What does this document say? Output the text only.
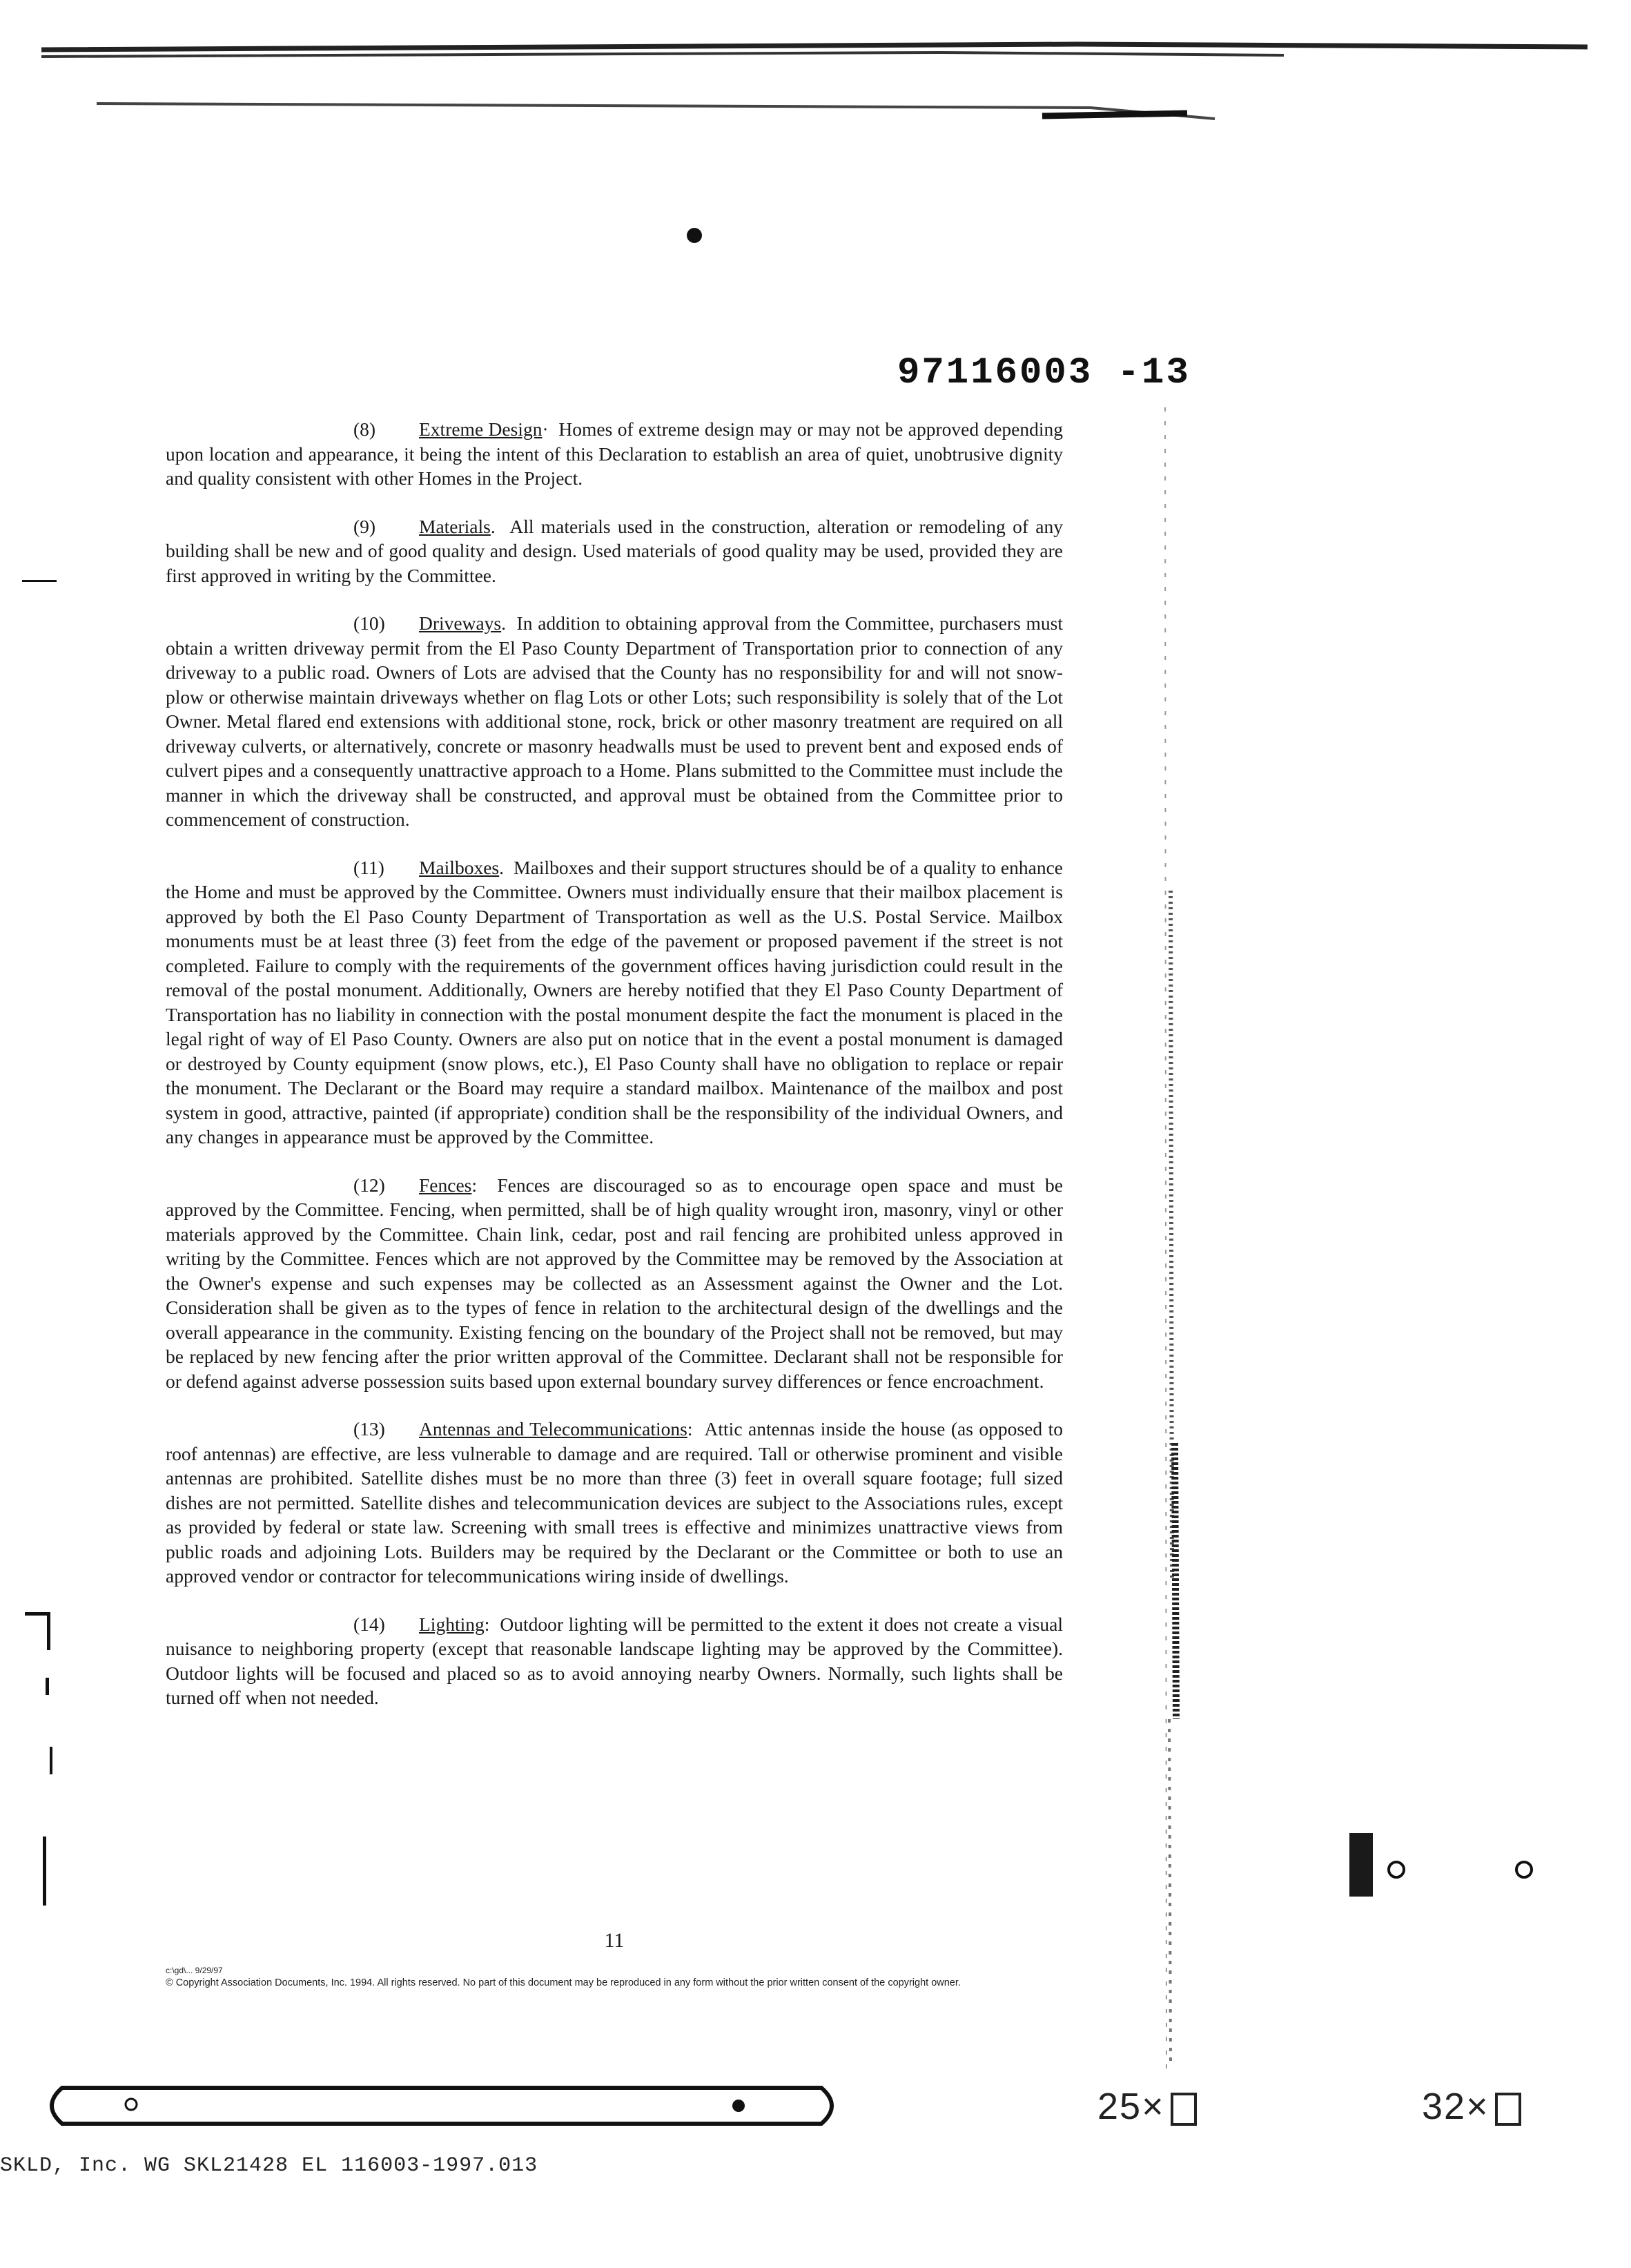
97116003 -13

(8) Extreme Design· Homes of extreme design may or may not be approved depending upon location and appearance, it being the intent of this Declaration to establish an area of quiet, unobtrusive dignity and quality consistent with other Homes in the Project.

(9) Materials. All materials used in the construction, alteration or remodeling of any building shall be new and of good quality and design. Used materials of good quality may be used, provided they are first approved in writing by the Committee.

(10) Driveways. In addition to obtaining approval from the Committee, purchasers must obtain a written driveway permit from the El Paso County Department of Transportation prior to connection of any driveway to a public road. Owners of Lots are advised that the County has no responsibility for and will not snow-plow or otherwise maintain driveways whether on flag Lots or other Lots; such responsibility is solely that of the Lot Owner. Metal flared end extensions with additional stone, rock, brick or other masonry treatment are required on all driveway culverts, or alternatively, concrete or masonry headwalls must be used to prevent bent and exposed ends of culvert pipes and a consequently unattractive approach to a Home. Plans submitted to the Committee must include the manner in which the driveway shall be constructed, and approval must be obtained from the Committee prior to commencement of construction.

(11) Mailboxes. Mailboxes and their support structures should be of a quality to enhance the Home and must be approved by the Committee. Owners must individually ensure that their mailbox placement is approved by both the El Paso County Department of Transportation as well as the U.S. Postal Service. Mailbox monuments must be at least three (3) feet from the edge of the pavement or proposed pavement if the street is not completed. Failure to comply with the requirements of the government offices having jurisdiction could result in the removal of the postal monument. Additionally, Owners are hereby notified that they El Paso County Department of Transportation has no liability in connection with the postal monument despite the fact the monument is placed in the legal right of way of El Paso County. Owners are also put on notice that in the event a postal monument is damaged or destroyed by County equipment (snow plows, etc.), El Paso County shall have no obligation to replace or repair the monument. The Declarant or the Board may require a standard mailbox. Maintenance of the mailbox and post system in good, attractive, painted (if appropriate) condition shall be the responsibility of the individual Owners, and any changes in appearance must be approved by the Committee.

(12) Fences: Fences are discouraged so as to encourage open space and must be approved by the Committee. Fencing, when permitted, shall be of high quality wrought iron, masonry, vinyl or other materials approved by the Committee. Chain link, cedar, post and rail fencing are prohibited unless approved in writing by the Committee. Fences which are not approved by the Committee may be removed by the Association at the Owner's expense and such expenses may be collected as an Assessment against the Owner and the Lot. Consideration shall be given as to the types of fence in relation to the architectural design of the dwellings and the overall appearance in the community. Existing fencing on the boundary of the Project shall not be removed, but may be replaced by new fencing after the prior written approval of the Committee. Declarant shall not be responsible for or defend against adverse possession suits based upon external boundary survey differences or fence encroachment.

(13) Antennas and Telecommunications: Attic antennas inside the house (as opposed to roof antennas) are effective, are less vulnerable to damage and are required. Tall or otherwise prominent and visible antennas are prohibited. Satellite dishes must be no more than three (3) feet in overall square footage; full sized dishes are not permitted. Satellite dishes and telecommunication devices are subject to the Associations rules, except as provided by federal or state law. Screening with small trees is effective and minimizes unattractive views from public roads and adjoining Lots. Builders may be required by the Declarant or the Committee or both to use an approved vendor or contractor for telecommunications wiring inside of dwellings.

(14) Lighting: Outdoor lighting will be permitted to the extent it does not create a visual nuisance to neighboring property (except that reasonable landscape lighting may be approved by the Committee). Outdoor lights will be focused and placed so as to avoid annoying nearby Owners. Normally, such lights shall be turned off when not needed.

11
c:\gd\... 9/29/97
© Copyright Association Documents, Inc. 1994. All rights reserved. No part of this document may be reproduced in any form without the prior written consent of the copyright owner.
25×	32×
SKLD, Inc. WG SKL21428 EL 116003-1997.013
